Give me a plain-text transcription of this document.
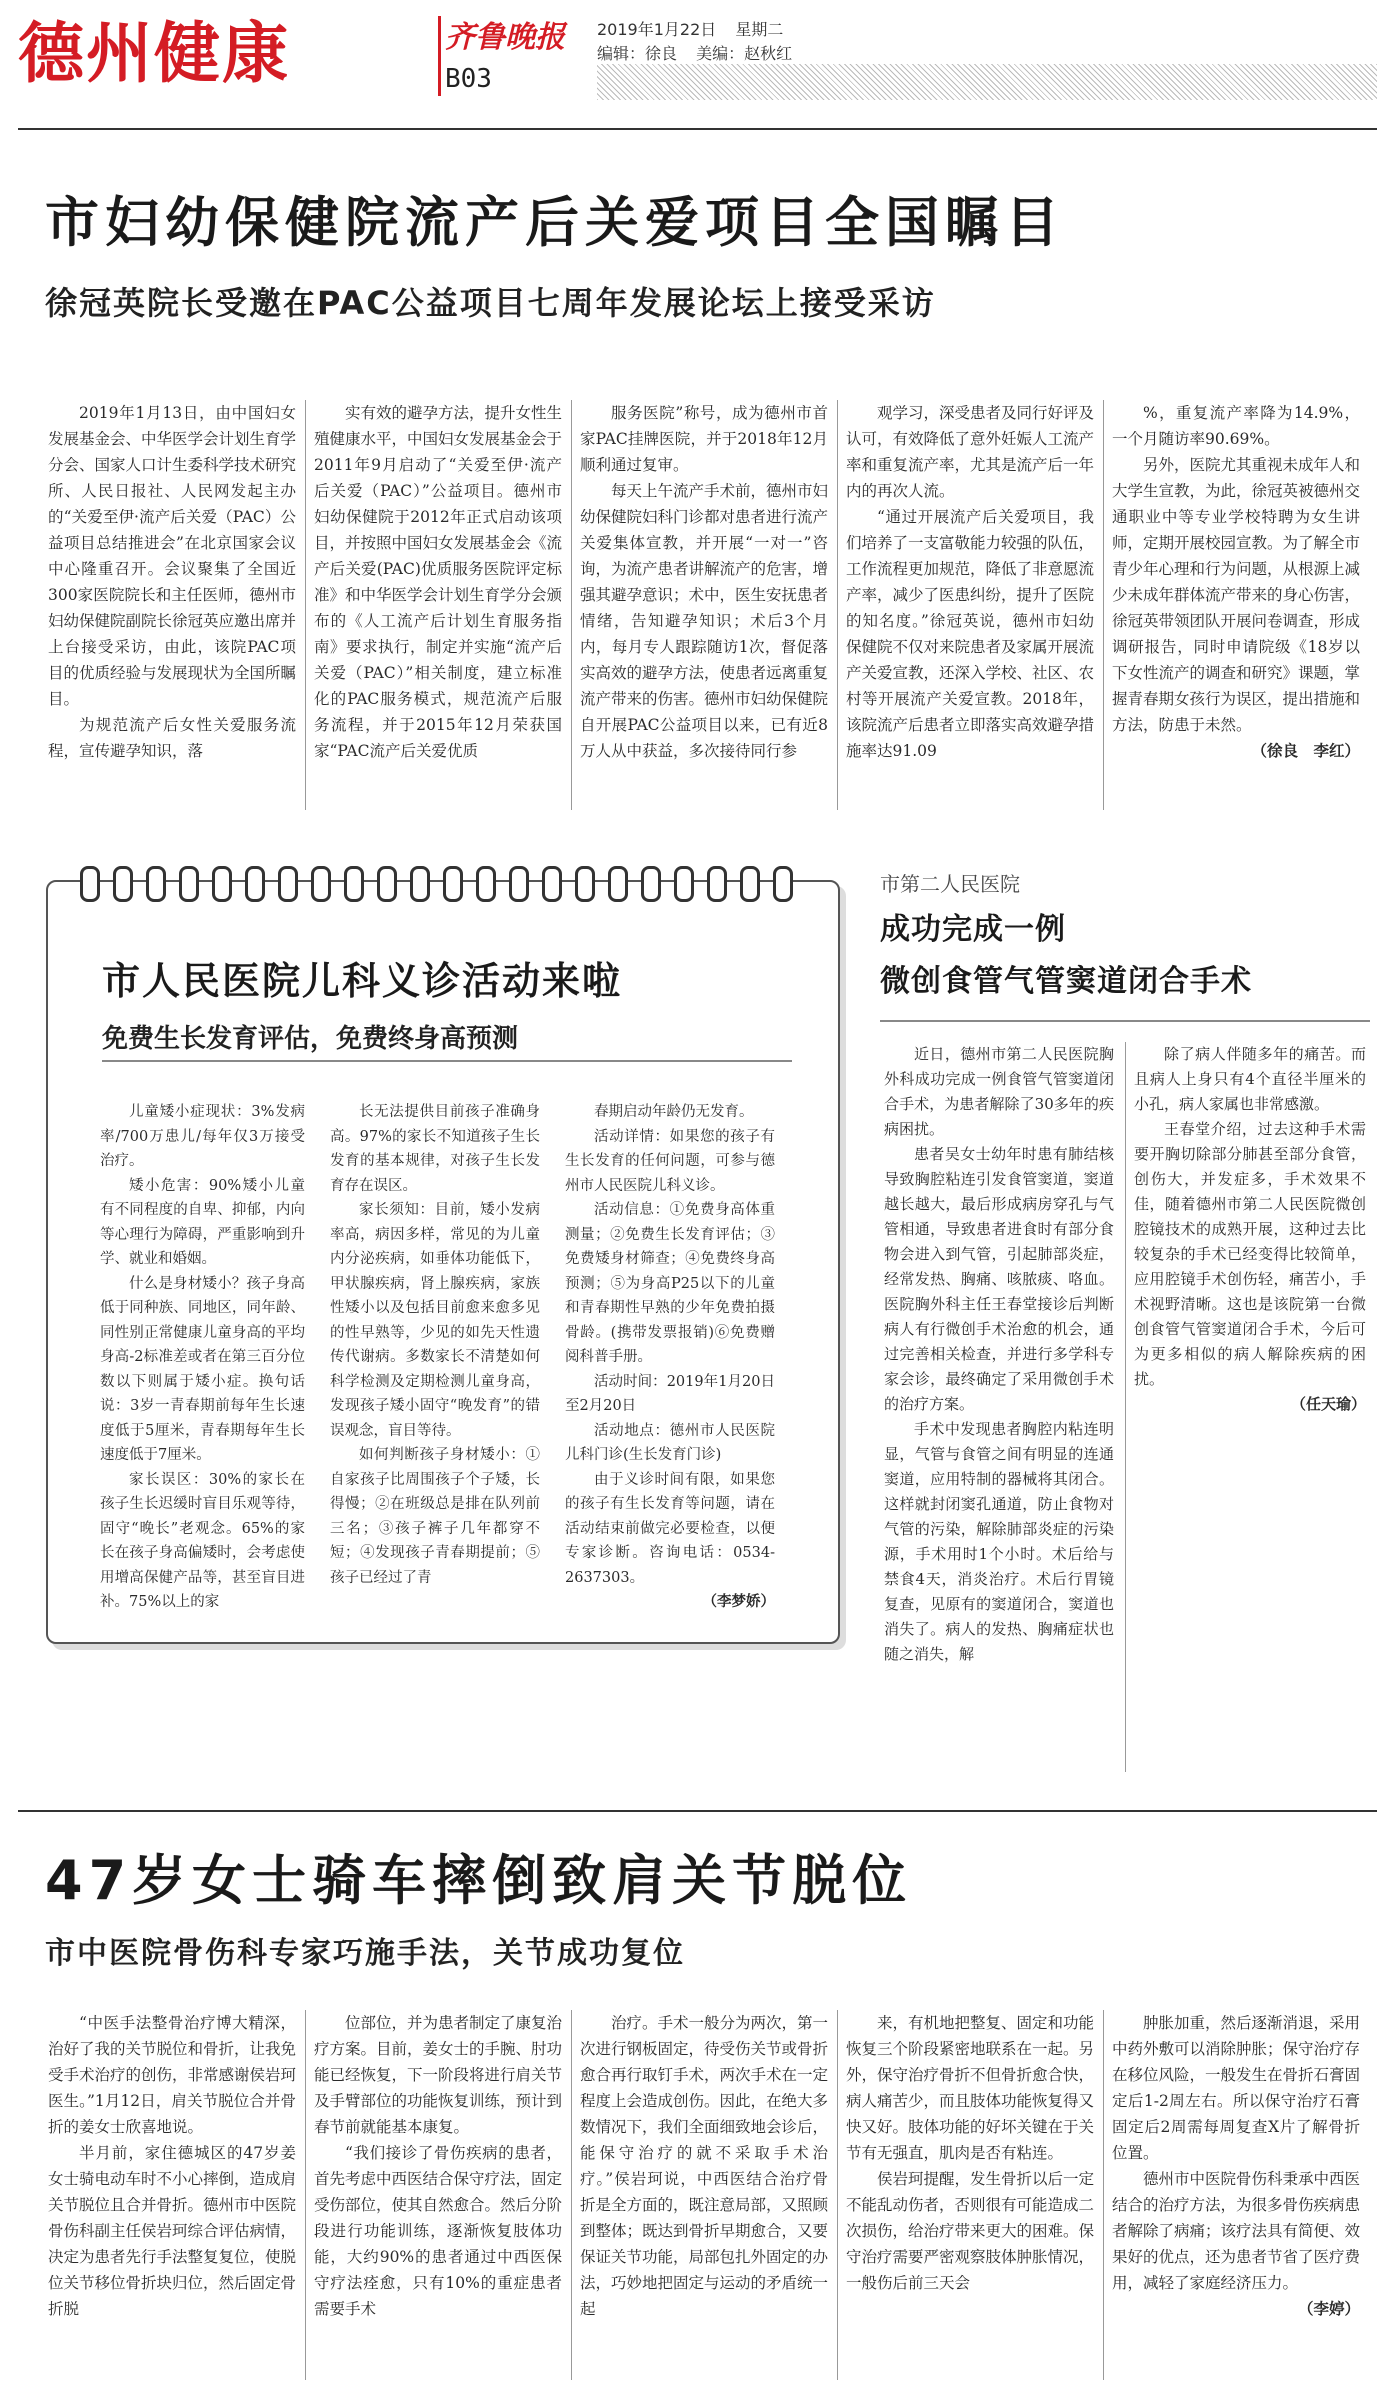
德州健康	齐鲁晚报
B03
2019年1月22日 星期二
编辑：徐良 美编：赵秋红
市妇幼保健院流产后关爱项目全国瞩目
徐冠英院长受邀在PAC公益项目七周年发展论坛上接受采访

2019年1月13日，由中国妇女发展基金会、中华医学会计划生育学分会、国家人口计生委科学技术研究所、人民日报社、人民网发起主办的“关爱至伊·流产后关爱（PAC）公益项目总结推进会”在北京国家会议中心隆重召开。会议聚集了全国近300家医院院长和主任医师，德州市妇幼保健院副院长徐冠英应邀出席并上台接受采访，由此，该院PAC项目的优质经验与发展现状为全国所瞩目。

为规范流产后女性关爱服务流程，宣传避孕知识，落

实有效的避孕方法，提升女性生殖健康水平，中国妇女发展基金会于2011年9月启动了“关爱至伊·流产后关爱（PAC）”公益项目。德州市妇幼保健院于2012年正式启动该项目，并按照中国妇女发展基金会《流产后关爱(PAC)优质服务医院评定标准》和中华医学会计划生育学分会颁布的《人工流产后计划生育服务指南》要求执行，制定并实施“流产后关爱（PAC）”相关制度，建立标准化的PAC服务模式，规范流产后服务流程，并于2015年12月荣获国家“PAC流产后关爱优质

服务医院”称号，成为德州市首家PAC挂牌医院，并于2018年12月顺利通过复审。

每天上午流产手术前，德州市妇幼保健院妇科门诊都对患者进行流产关爱集体宣教，并开展“一对一”咨询，为流产患者讲解流产的危害，增强其避孕意识；术中，医生安抚患者情绪，告知避孕知识；术后3个月内，每月专人跟踪随访1次，督促落实高效的避孕方法，使患者远离重复流产带来的伤害。德州市妇幼保健院自开展PAC公益项目以来，已有近8万人从中获益，多次接待同行参

观学习，深受患者及同行好评及认可，有效降低了意外妊娠人工流产率和重复流产率，尤其是流产后一年内的再次人流。

“通过开展流产后关爱项目，我们培养了一支富敬能力较强的队伍，工作流程更加规范，降低了非意愿流产率，减少了医患纠纷，提升了医院的知名度。”徐冠英说，德州市妇幼保健院不仅对来院患者及家属开展流产关爱宣教，还深入学校、社区、农村等开展流产关爱宣教。2018年，该院流产后患者立即落实高效避孕措施率达91.09

%，重复流产率降为14.9%，一个月随访率90.69%。

另外，医院尤其重视未成年人和大学生宣教，为此，徐冠英被德州交通职业中等专业学校特聘为女生讲师，定期开展校园宣教。为了解全市青少年心理和行为问题，从根源上减少未成年群体流产带来的身心伤害，徐冠英带领团队开展问卷调查，形成调研报告，同时申请院级《18岁以下女性流产的调查和研究》课题，掌握青春期女孩行为误区，提出措施和方法，防患于未然。

（徐良　李红）
市人民医院儿科义诊活动来啦
免费生长发育评估，免费终身高预测

儿童矮小症现状：3%发病率/700万患儿/每年仅3万接受治疗。

矮小危害：90%矮小儿童有不同程度的自卑、抑郁，内向等心理行为障碍，严重影响到升学、就业和婚姻。

什么是身材矮小？孩子身高低于同种族、同地区，同年龄、同性别正常健康儿童身高的平均身高-2标准差或者在第三百分位数以下则属于矮小症。换句话说：3岁一青春期前每年生长速度低于5厘米，青春期每年生长速度低于7厘米。

家长误区：30%的家长在孩子生长迟缓时盲目乐观等待，固守“晚长”老观念。65%的家长在孩子身高偏矮时，会考虑使用增高保健产品等，甚至盲目进补。75%以上的家

长无法提供目前孩子准确身高。97%的家长不知道孩子生长发育的基本规律，对孩子生长发育存在误区。

家长须知：目前，矮小发病率高，病因多样，常见的为儿童内分泌疾病，如垂体功能低下，甲状腺疾病，肾上腺疾病，家族性矮小以及包括目前愈来愈多见的性早熟等，少见的如先天性遗传代谢病。多数家长不清楚如何科学检测及定期检测儿童身高，发现孩子矮小固守“晚发育”的错误观念，盲目等待。

如何判断孩子身材矮小：①自家孩子比周围孩子个子矮，长得慢；②在班级总是排在队列前三名；③孩子裤子几年都穿不短；④发现孩子青春期提前；⑤孩子已经过了青

春期启动年龄仍无发育。

活动详情：如果您的孩子有生长发育的任何问题，可参与德州市人民医院儿科义诊。

活动信息：①免费身高体重测量；②免费生长发育评估；③免费矮身材筛查；④免费终身高预测；⑤为身高P25以下的儿童和青春期性早熟的少年免费拍摄骨龄。(携带发票报销)⑥免费赠阅科普手册。

活动时间：2019年1月20日至2月20日

活动地点：德州市人民医院儿科门诊(生长发育门诊)

由于义诊时间有限，如果您的孩子有生长发育等问题，请在活动结束前做完必要检查，以便专家诊断。咨询电话：0534-2637303。

（李梦娇）
市第二人民医院
成功完成一例
微创食管气管窦道闭合手术

近日，德州市第二人民医院胸外科成功完成一例食管气管窦道闭合手术，为患者解除了30多年的疾病困扰。

患者吴女士幼年时患有肺结核导致胸腔粘连引发食管窦道，窦道越长越大，最后形成病房穿孔与气管相通，导致患者进食时有部分食物会进入到气管，引起肺部炎症，经常发热、胸痛、咳脓痰、咯血。医院胸外科主任王春堂接诊后判断病人有行微创手术治愈的机会，通过完善相关检查，并进行多学科专家会诊，最终确定了采用微创手术的治疗方案。

手术中发现患者胸腔内粘连明显，气管与食管之间有明显的连通窦道，应用特制的器械将其闭合。这样就封闭窦孔通道，防止食物对气管的污染，解除肺部炎症的污染源，手术用时1个小时。术后给与禁食4天，消炎治疗。术后行胃镜复查，见原有的窦道闭合，窦道也消失了。病人的发热、胸痛症状也随之消失，解

除了病人伴随多年的痛苦。而且病人上身只有4个直径半厘米的小孔，病人家属也非常感激。

王春堂介绍，过去这种手术需要开胸切除部分肺甚至部分食管，创伤大，并发症多，手术效果不佳，随着德州市第二人民医院微创腔镜技术的成熟开展，这种过去比较复杂的手术已经变得比较简单，应用腔镜手术创伤轻，痛苦小，手术视野清晰。这也是该院第一台微创食管气管窦道闭合手术，今后可为更多相似的病人解除疾病的困扰。

（任天瑜）
47岁女士骑车摔倒致肩关节脱位
市中医院骨伤科专家巧施手法，关节成功复位

“中医手法整骨治疗博大精深，治好了我的关节脱位和骨折，让我免受手术治疗的创伤，非常感谢侯岩珂医生。”1月12日，肩关节脱位合并骨折的姜女士欣喜地说。

半月前，家住德城区的47岁姜女士骑电动车时不小心摔倒，造成肩关节脱位且合并骨折。德州市中医院骨伤科副主任侯岩珂综合评估病情，决定为患者先行手法整复复位，使脱位关节移位骨折块归位，然后固定骨折脱

位部位，并为患者制定了康复治疗方案。目前，姜女士的手腕、肘功能已经恢复，下一阶段将进行肩关节及手臂部位的功能恢复训练，预计到春节前就能基本康复。

“我们接诊了骨伤疾病的患者，首先考虑中西医结合保守疗法，固定受伤部位，使其自然愈合。然后分阶段进行功能训练，逐渐恢复肢体功能，大约90%的患者通过中西医保守疗法痊愈，只有10%的重症患者需要手术

治疗。手术一般分为两次，第一次进行钢板固定，待受伤关节或骨折愈合再行取钉手术，两次手术在一定程度上会造成创伤。因此，在绝大多数情况下，我们全面细致地会诊后，能保守治疗的就不采取手术治疗。”侯岩珂说，中西医结合治疗骨折是全方面的，既注意局部，又照顾到整体；既达到骨折早期愈合，又要保证关节功能，局部包扎外固定的办法，巧妙地把固定与运动的矛盾统一起

来，有机地把整复、固定和功能恢复三个阶段紧密地联系在一起。另外，保守治疗骨折不但骨折愈合快，病人痛苦少，而且肢体功能恢复得又快又好。肢体功能的好坏关键在于关节有无强直，肌肉是否有粘连。

侯岩珂提醒，发生骨折以后一定不能乱动伤者，否则很有可能造成二次损伤，给治疗带来更大的困难。保守治疗需要严密观察肢体肿胀情况，一般伤后前三天会

肿胀加重，然后逐渐消退，采用中药外敷可以消除肿胀；保守治疗存在移位风险，一般发生在骨折石膏固定后1-2周左右。所以保守治疗石膏固定后2周需每周复查X片了解骨折位置。

德州市中医院骨伤科秉承中西医结合的治疗方法，为很多骨伤疾病患者解除了病痛；该疗法具有简便、效果好的优点，还为患者节省了医疗费用，减轻了家庭经济压力。

（李婷）
